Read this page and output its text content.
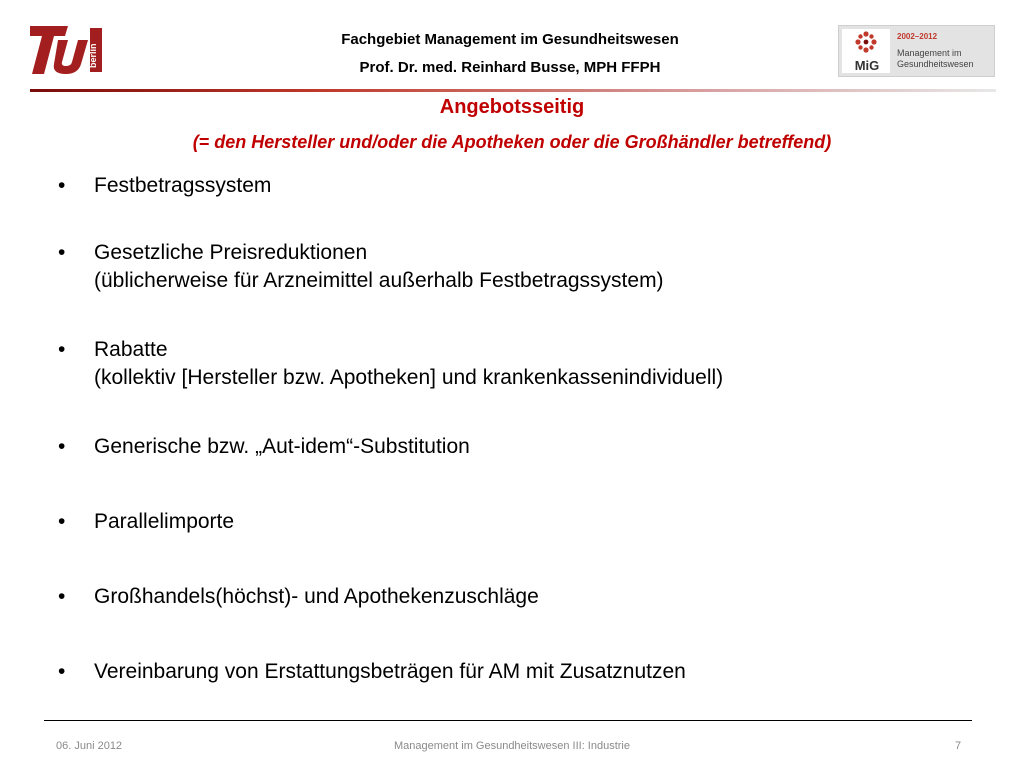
berlin
Fachgebiet Management im Gesundheitswesen
Prof. Dr. med. Reinhard Busse, MPH FFPH	MiG
2002–2012
Management im Gesundheitswesen
Angebotsseitig
(= den Hersteller und/oder die Apotheken oder die Großhändler betreffend)
•	Festbetragssystem
•	Gesetzliche Preisreduktionen
(üblicherweise für Arzneimittel außerhalb Festbetragssystem)
•	Rabatte
(kollektiv [Hersteller bzw. Apotheken] und krankenkassenindividuell)
•	Generische bzw. „Aut-idem“-Substitution
•	Parallelimporte
•	Großhandels(höchst)- und Apothekenzuschläge
•	Vereinbarung von Erstattungsbeträgen für AM mit Zusatznutzen
06. Juni 2012	Management im Gesundheitswesen III: Industrie	7
